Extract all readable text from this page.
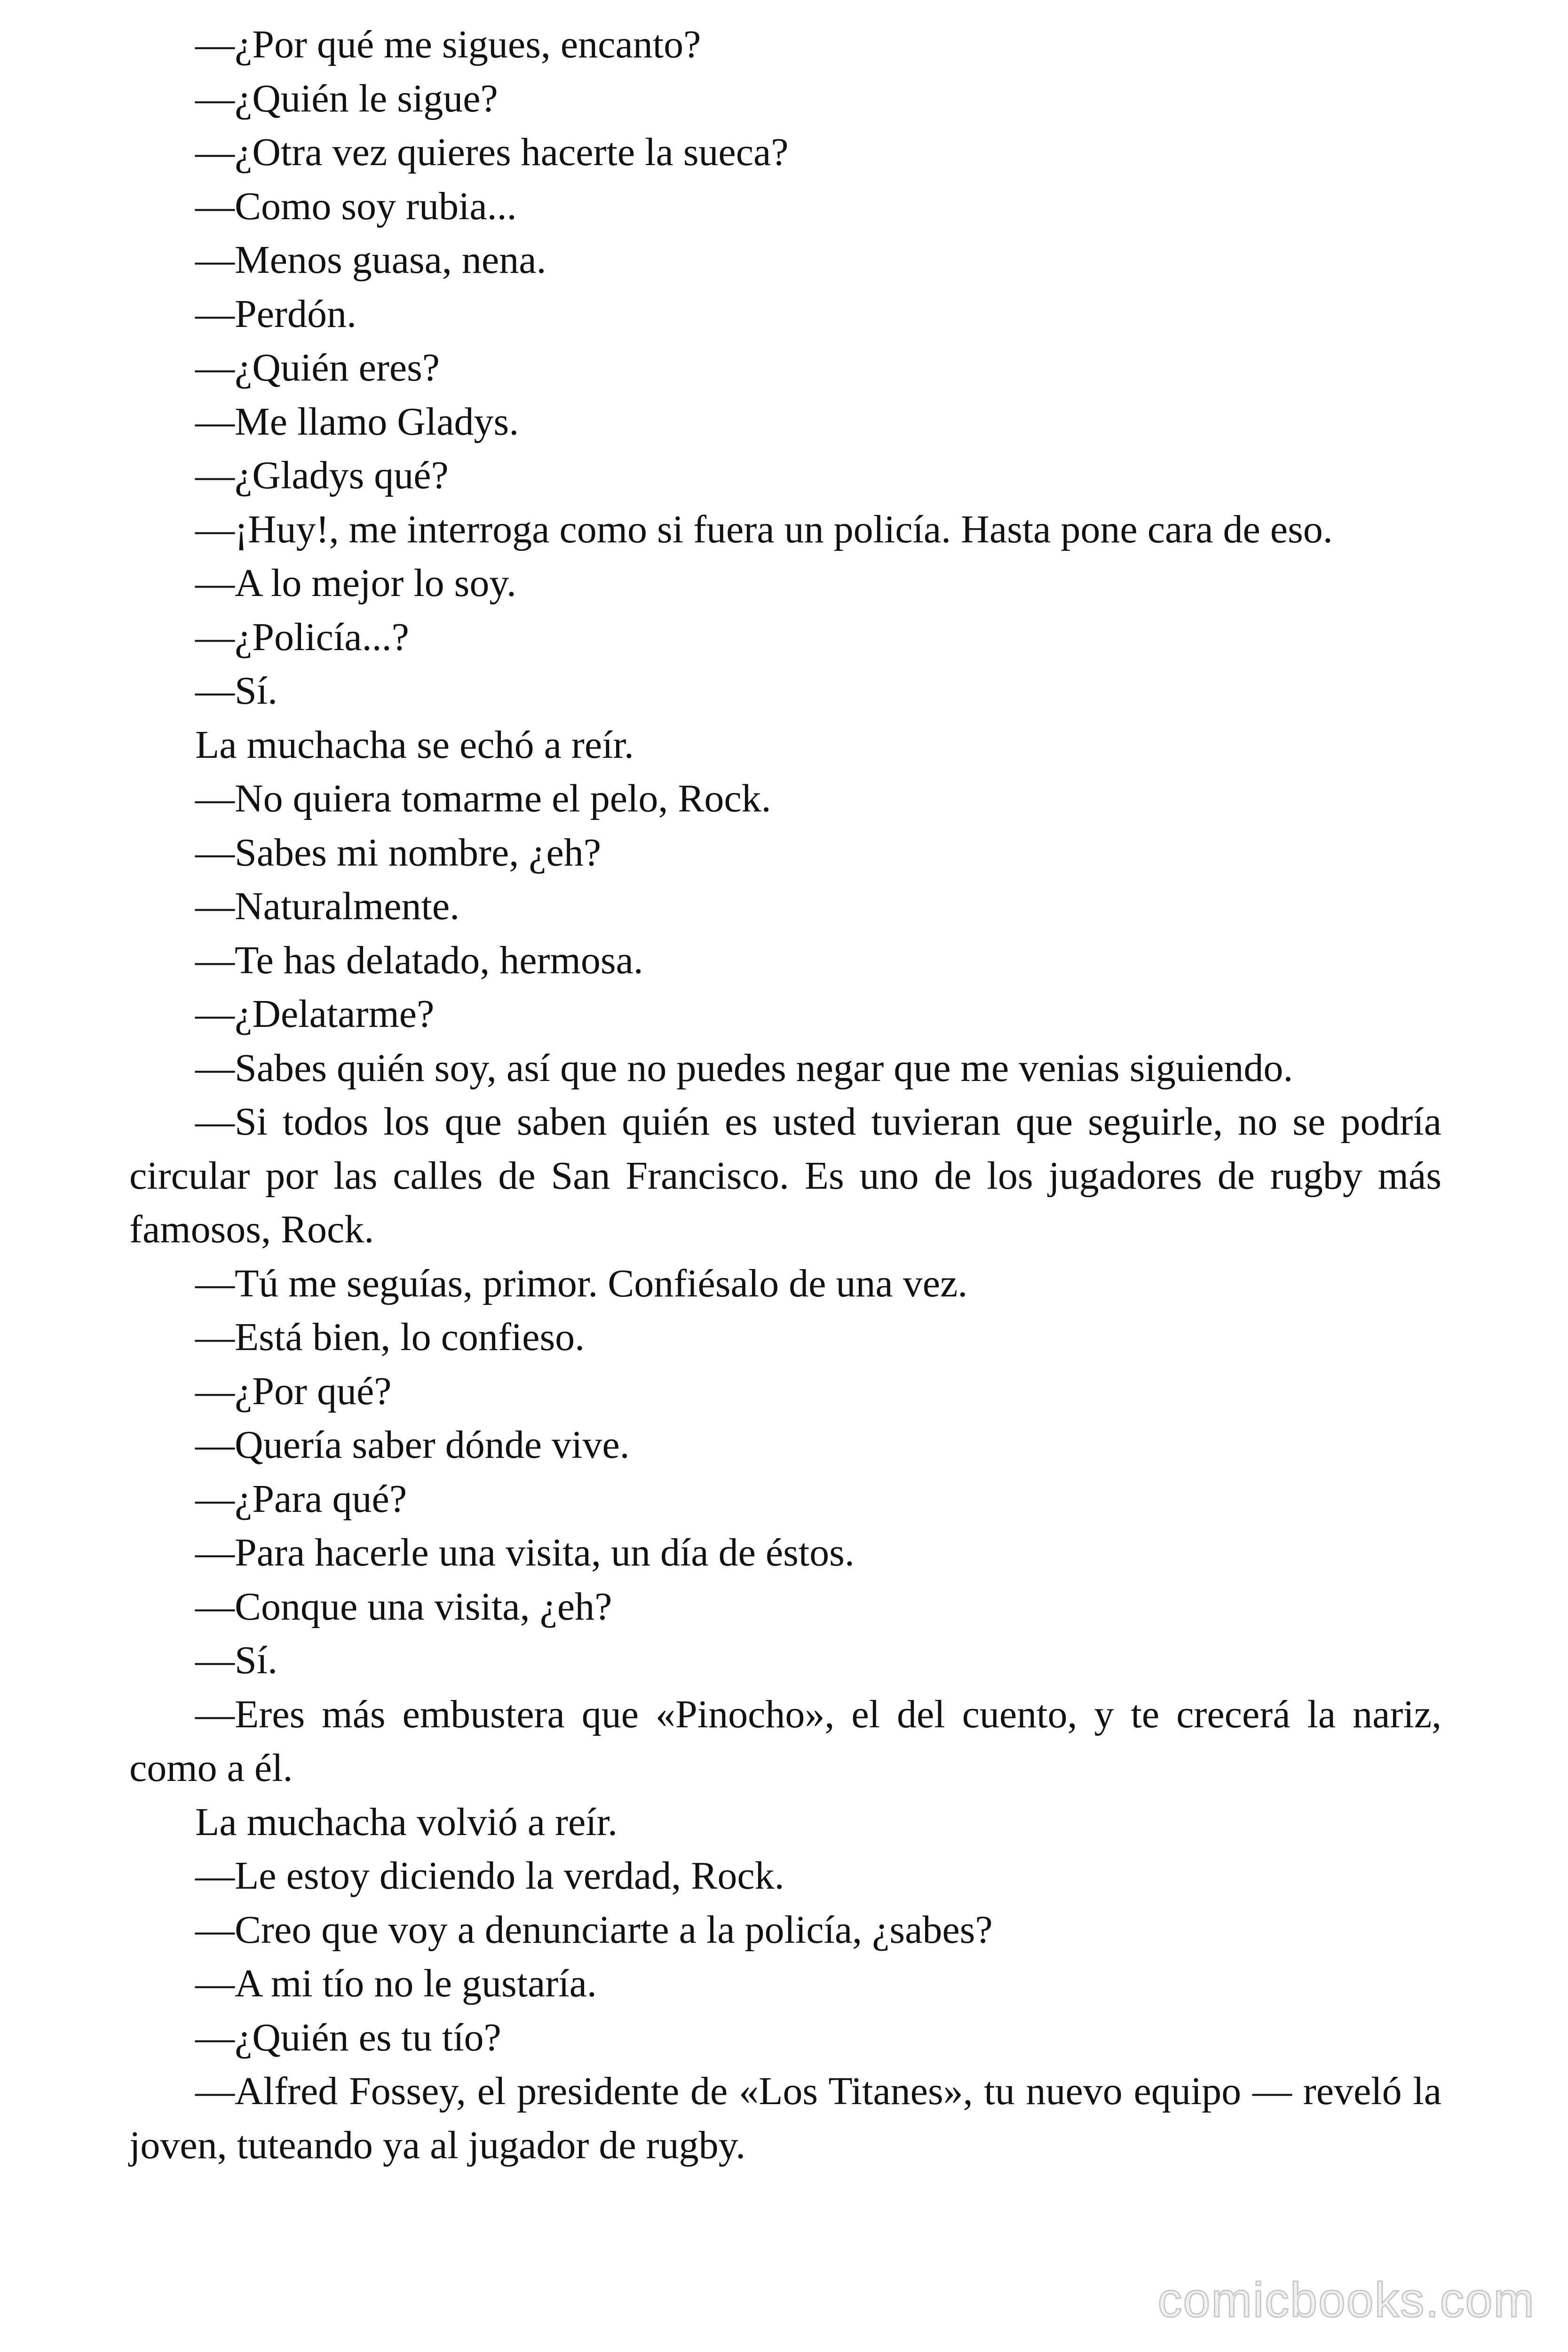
—¿Por qué me sigues, encanto?

—¿Quién le sigue?

—¿Otra vez quieres hacerte la sueca?

—Como soy rubia...

—Menos guasa, nena.

—Perdón.

—¿Quién eres?

—Me llamo Gladys.

—¿Gladys qué?

—¡Huy!, me interroga como si fuera un policía. Hasta pone cara de eso.

—A lo mejor lo soy.

—¿Policía...?

—Sí.

La muchacha se echó a reír.

—No quiera tomarme el pelo, Rock.

—Sabes mi nombre, ¿eh?

—Naturalmente.

—Te has delatado, hermosa.

—¿Delatarme?

—Sabes quién soy, así que no puedes negar que me venias siguiendo.

—Si todos los que saben quién es usted tuvieran que seguirle, no se podría circular por las calles de San Francisco. Es uno de los jugadores de rugby más famosos, Rock.

—Tú me seguías, primor. Confiésalo de una vez.

—Está bien, lo confieso.

—¿Por qué?

—Quería saber dónde vive.

—¿Para qué?

—Para hacerle una visita, un día de éstos.

—Conque una visita, ¿eh?

—Sí.

—Eres más embustera que «Pinocho», el del cuento, y te crecerá la nariz, como a él.

La muchacha volvió a reír.

—Le estoy diciendo la verdad, Rock.

—Creo que voy a denunciarte a la policía, ¿sabes?

—A mi tío no le gustaría.

—¿Quién es tu tío?

—Alfred Fossey, el presidente de «Los Titanes», tu nuevo equipo — reveló la joven, tuteando ya al jugador de rugby.

comicbooks.com
